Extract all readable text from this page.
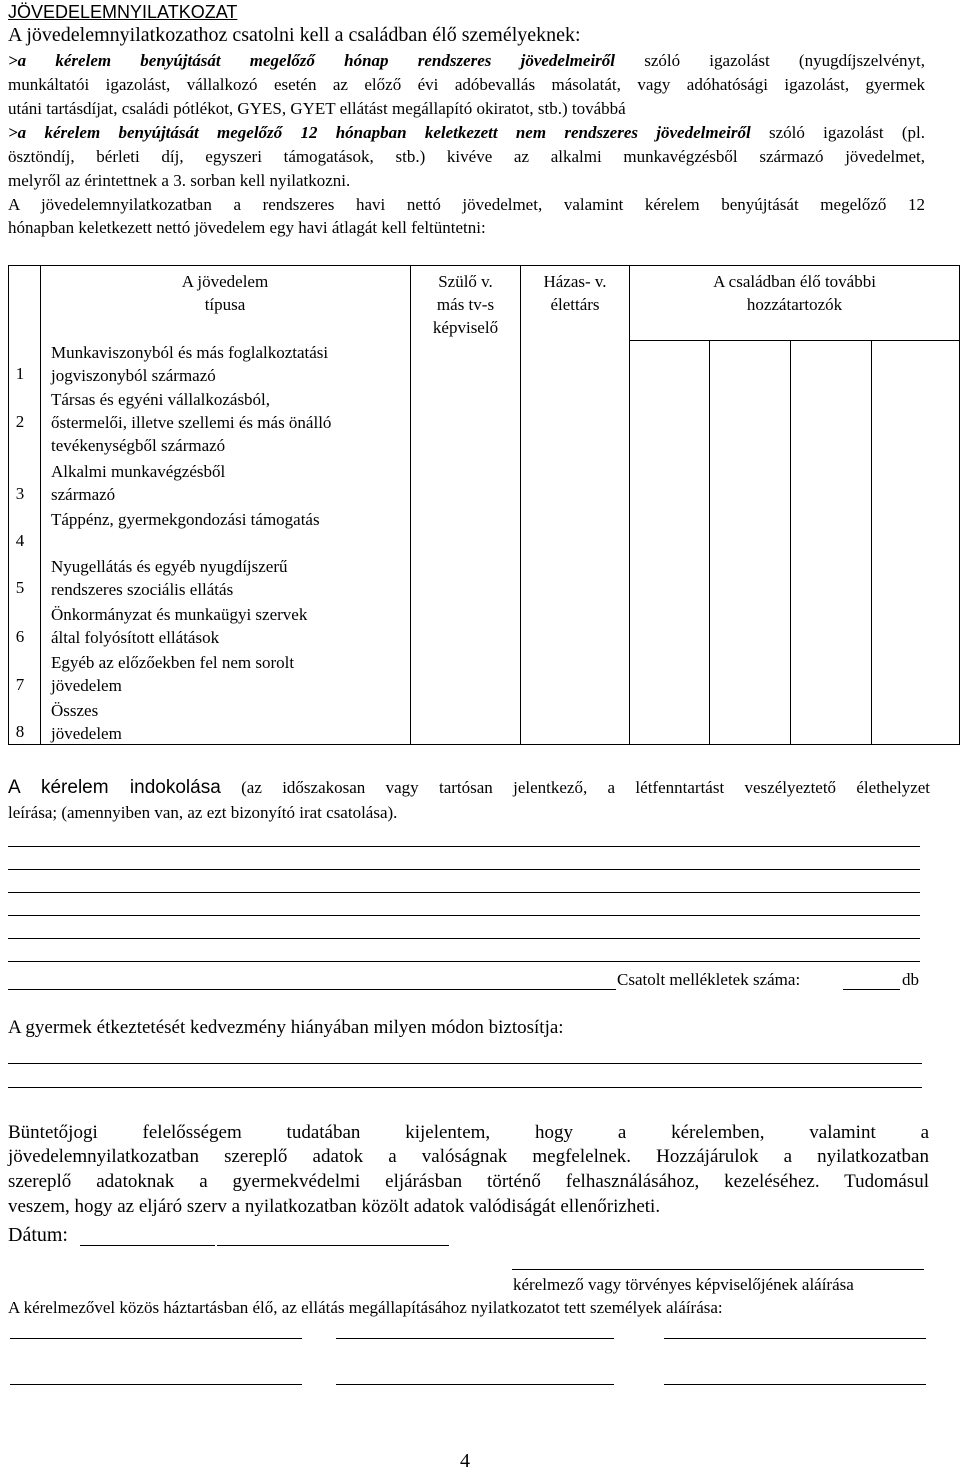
JÖVEDELEMNYILATKOZAT
A jövedelemnyilatkozathoz csatolni kell a családban élő személyeknek:
>a kérelem benyújtását megelőző hónap rendszeres jövedelmeiről szóló igazolást (nyugdíjszelvényt,
munkáltatói igazolást, vállalkozó esetén az előző évi adóbevallás másolatát, vagy adóhatósági igazolást, gyermek
utáni tartásdíjat, családi pótlékot, GYES, GYET ellátást megállapító okiratot, stb.) továbbá
>a kérelem benyújtását megelőző 12 hónapban keletkezett nem rendszeres jövedelmeiről szóló igazolást (pl.
ösztöndíj, bérleti díj, egyszeri támogatások, stb.) kivéve az alkalmi munkavégzésből származó jövedelmet,
melyről az érintettnek a 3. sorban kell nyilatkozni.
A jövedelemnyilatkozatban a rendszeres havi nettó jövedelmet, valamint kérelem benyújtását megelőző 12
hónapban keletkezett nettó jövedelem egy havi átlagát kell feltüntetni:
A jövedelem
típusa
Szülő v.
más tv-s
képviselő
Házas- v.
élettárs
A családban élő további
hozzátartozók
1
Munkaviszonyból és más foglalkoztatási
jogviszonyból származó
2
Társas és egyéni vállalkozásból,
őstermelői, illetve szellemi és más önálló
tevékenységből származó
3
Alkalmi munkavégzésből
származó
4
Táppénz, gyermekgondozási támogatás
5
Nyugellátás és egyéb nyugdíjszerű
rendszeres szociális ellátás
6
Önkormányzat és munkaügyi szervek
által folyósított ellátások
7
Egyéb az előzőekben fel nem sorolt
jövedelem
8
Összes
jövedelem
A kérelem indokolása (az időszakosan vagy tartósan jelentkező, a létfenntartást veszélyeztető élethelyzet
leírása; (amennyiben van, az ezt bizonyító irat csatolása).
Csatolt mellékletek száma:	db
A gyermek étkeztetését kedvezmény hiányában milyen módon biztosítja:
Büntetőjogi felelősségem tudatában kijelentem, hogy a kérelemben, valamint a
jövedelemnyilatkozatban szereplő adatok a valóságnak megfelelnek. Hozzájárulok a nyilatkozatban
szereplő adatoknak a gyermekvédelmi eljárásban történő felhasználásához, kezeléséhez. Tudomásul
veszem, hogy az eljáró szerv a nyilatkozatban közölt adatok valódiságát ellenőrizheti.
Dátum:
kérelmező vagy törvényes képviselőjének aláírása
A kérelmezővel közös háztartásban élő, az ellátás megállapításához nyilatkozatot tett személyek aláírása:
4
